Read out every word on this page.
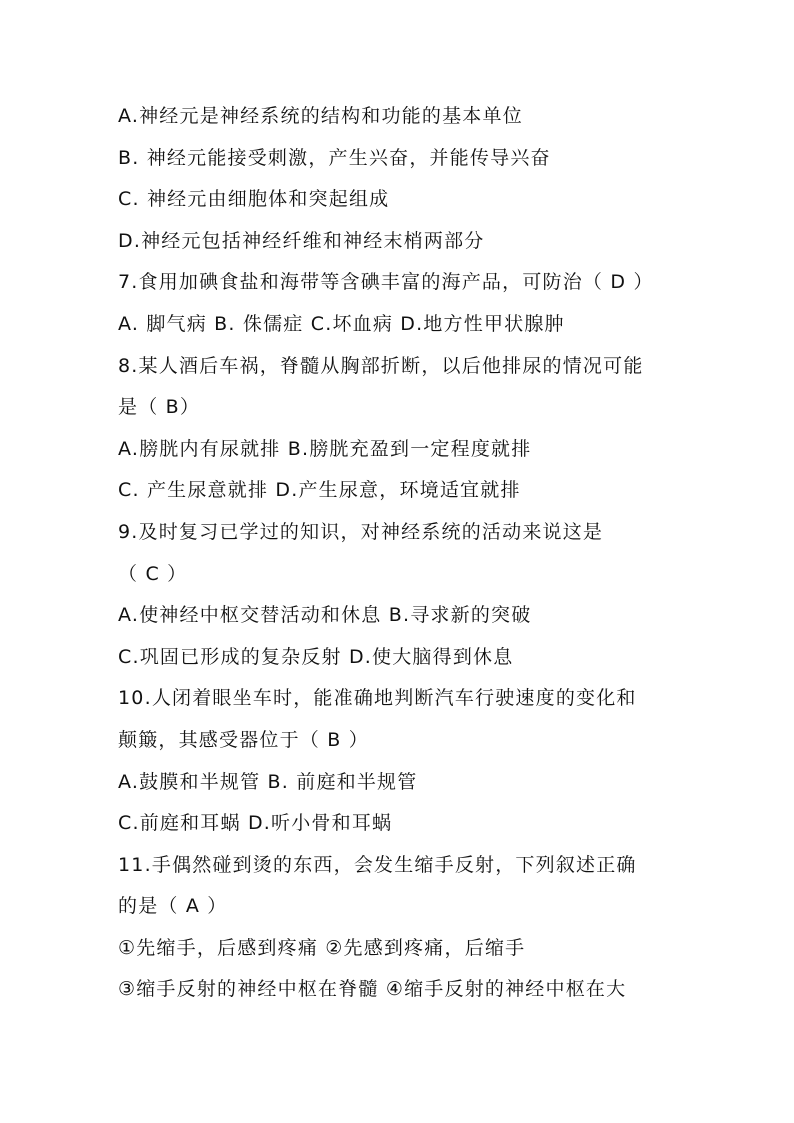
A.神经元是神经系统的结构和功能的基本单位
B. 神经元能接受刺激，产生兴奋，并能传导兴奋
C. 神经元由细胞体和突起组成
D.神经元包括神经纤维和神经末梢两部分
7.食用加碘食盐和海带等含碘丰富的海产品，可防治（ D ）
A. 脚气病 B. 侏儒症 C.坏血病 D.地方性甲状腺肿
8.某人酒后车祸，脊髓从胸部折断，以后他排尿的情况可能
是（ B）
A.膀胱内有尿就排 B.膀胱充盈到一定程度就排
C. 产生尿意就排 D.产生尿意，环境适宜就排
9.及时复习已学过的知识，对神经系统的活动来说这是
（ C ）
A.使神经中枢交替活动和休息 B.寻求新的突破
C.巩固已形成的复杂反射 D.使大脑得到休息
10.人闭着眼坐车时，能准确地判断汽车行驶速度的变化和
颠簸，其感受器位于（ B ）
A.鼓膜和半规管 B. 前庭和半规管
C.前庭和耳蜗 D.听小骨和耳蜗
11.手偶然碰到烫的东西，会发生缩手反射，下列叙述正确
的是（ A ）
①先缩手，后感到疼痛 ②先感到疼痛，后缩手
③缩手反射的神经中枢在脊髓 ④缩手反射的神经中枢在大
